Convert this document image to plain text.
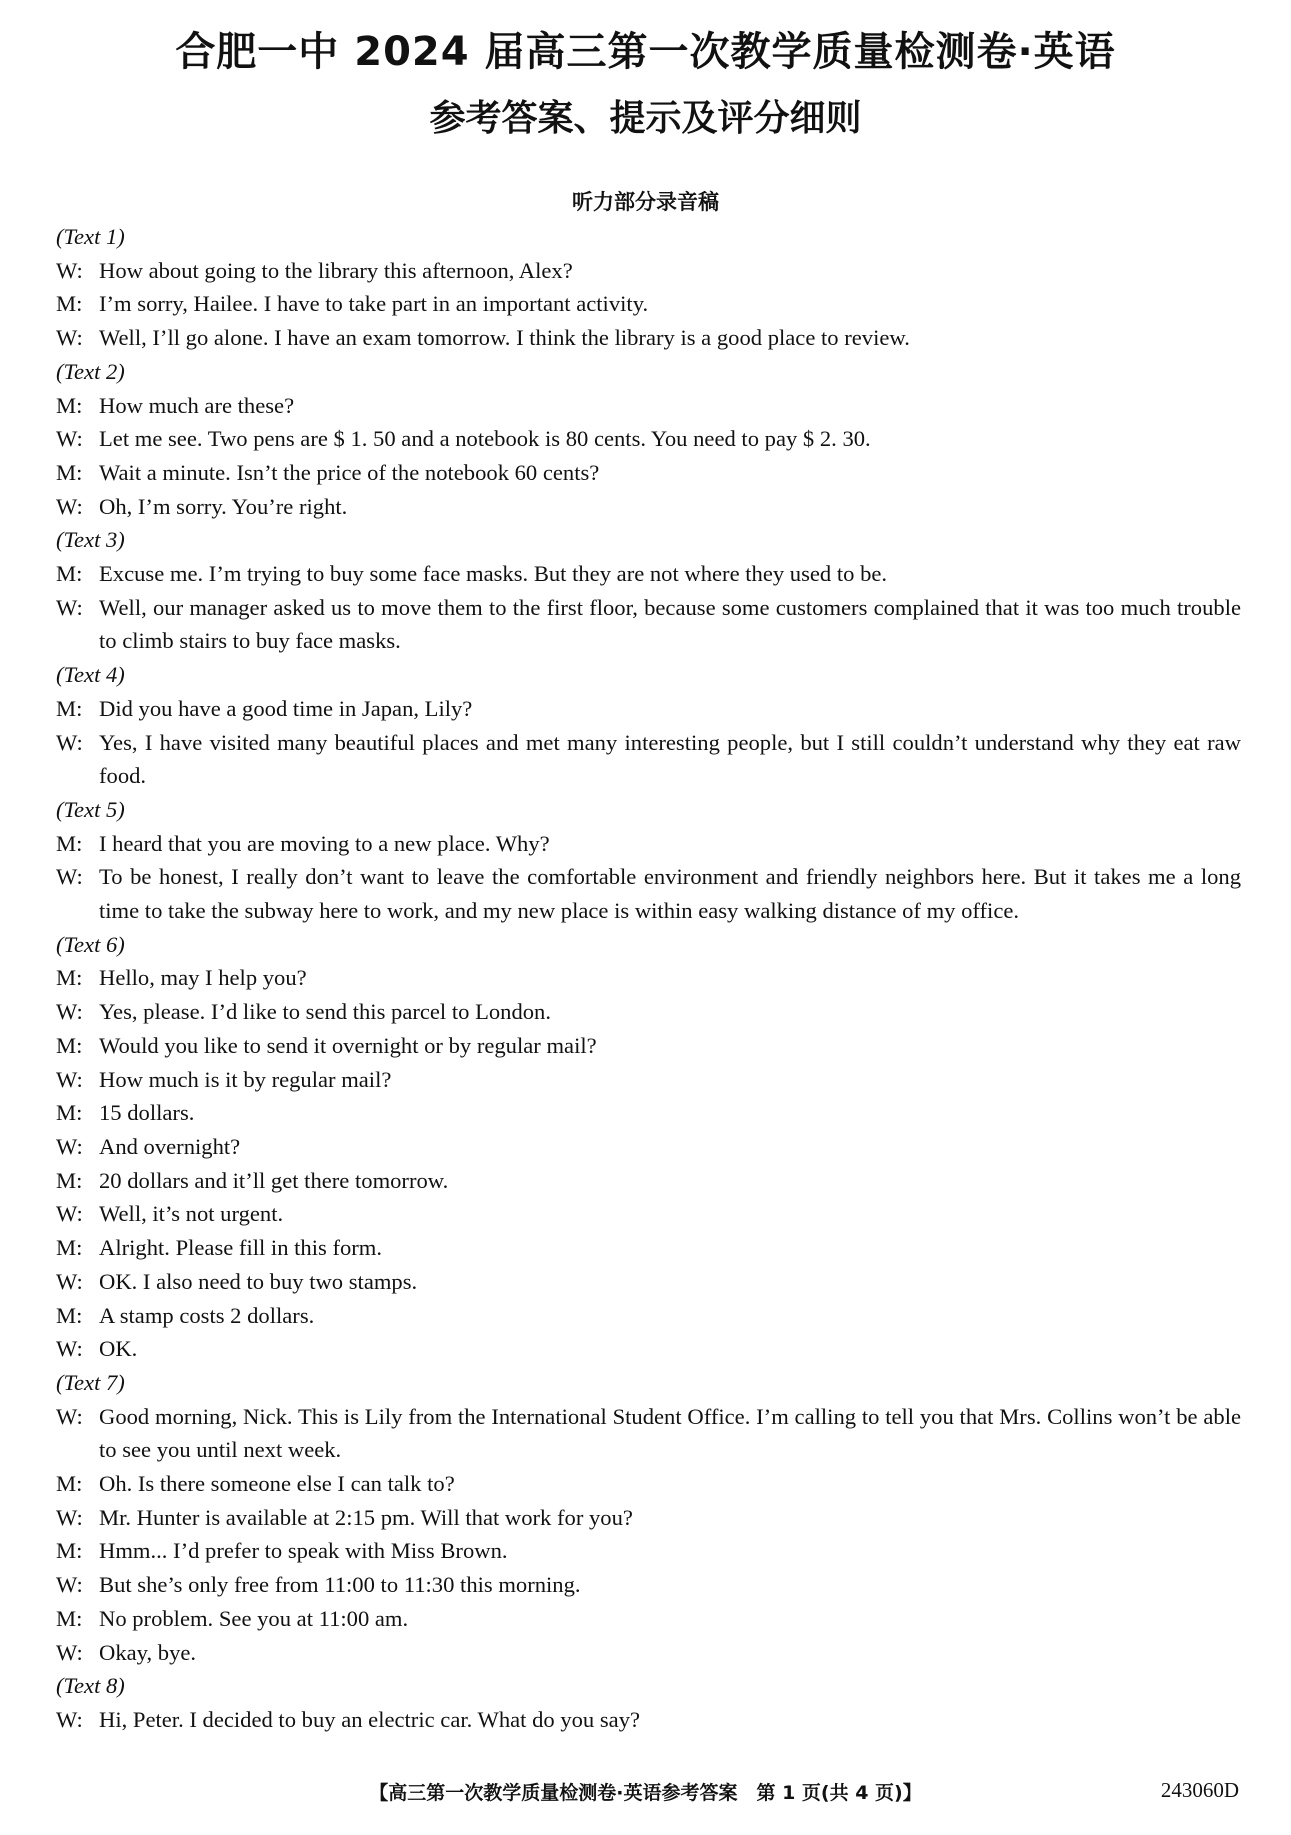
合肥一中 2024 届高三第一次教学质量检测卷·英语
参考答案、提示及评分细则
听力部分录音稿
(Text 1)
W: How about going to the library this afternoon, Alex?
M: I’m sorry, Hailee. I have to take part in an important activity.
W: Well, I’ll go alone. I have an exam tomorrow. I think the library is a good place to review.
(Text 2)
M: How much are these?
W: Let me see. Two pens are $ 1. 50 and a notebook is 80 cents. You need to pay $ 2. 30.
M: Wait a minute. Isn’t the price of the notebook 60 cents?
W: Oh, I’m sorry. You’re right.
(Text 3)
M: Excuse me. I’m trying to buy some face masks. But they are not where they used to be.
W: Well, our manager asked us to move them to the first floor, because some customers complained that it was too much trouble to climb stairs to buy face masks.
(Text 4)
M: Did you have a good time in Japan, Lily?
W: Yes, I have visited many beautiful places and met many interesting people, but I still couldn’t understand why they eat raw food.
(Text 5)
M: I heard that you are moving to a new place. Why?
W: To be honest, I really don’t want to leave the comfortable environment and friendly neighbors here. But it takes me a long time to take the subway here to work, and my new place is within easy walking distance of my office.
(Text 6)
M: Hello, may I help you?
W: Yes, please. I’d like to send this parcel to London.
M: Would you like to send it overnight or by regular mail?
W: How much is it by regular mail?
M: 15 dollars.
W: And overnight?
M: 20 dollars and it’ll get there tomorrow.
W: Well, it’s not urgent.
M: Alright. Please fill in this form.
W: OK. I also need to buy two stamps.
M: A stamp costs 2 dollars.
W: OK.
(Text 7)
W: Good morning, Nick. This is Lily from the International Student Office. I’m calling to tell you that Mrs. Collins won’t be able to see you until next week.
M: Oh. Is there someone else I can talk to?
W: Mr. Hunter is available at 2:15 pm. Will that work for you?
M: Hmm... I’d prefer to speak with Miss Brown.
W: But she’s only free from 11:00 to 11:30 this morning.
M: No problem. See you at 11:00 am.
W: Okay, bye.
(Text 8)
W: Hi, Peter. I decided to buy an electric car. What do you say?
【高三第一次教学质量检测卷·英语参考答案　第 1 页(共 4 页)】	243060D
